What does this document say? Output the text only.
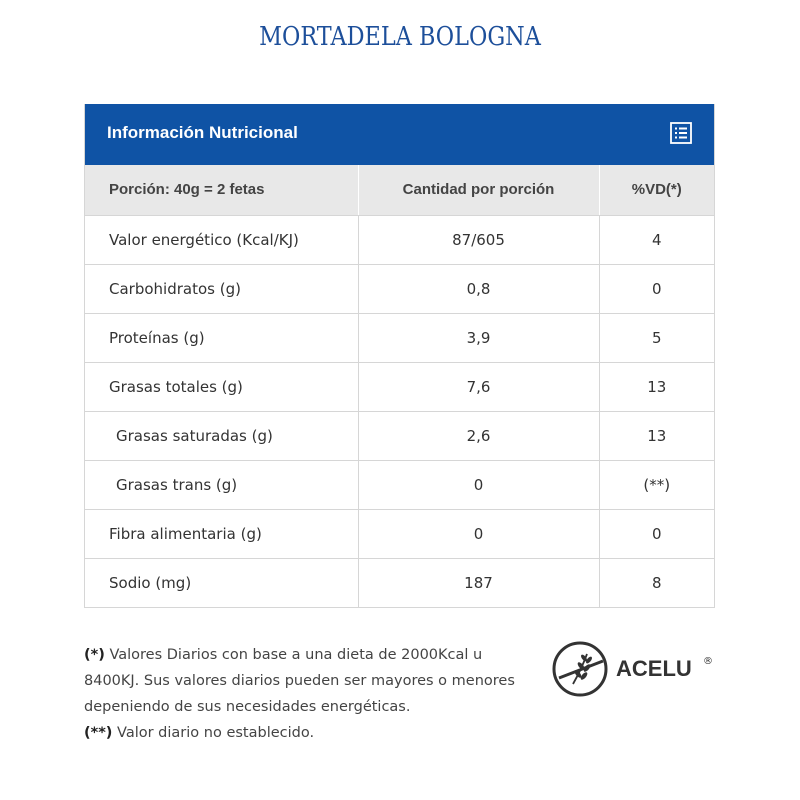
MORTADELA BOLOGNA
Información Nutricional
Porción: 40g = 2 fetas	Cantidad por porción	%VD(*)
Valor energético (Kcal/KJ)	87/605	4
Carbohidratos (g)	0,8	0
Proteínas (g)	3,9	5
Grasas totales (g)	7,6	13
Grasas saturadas (g)	2,6	13
Grasas trans (g)	0	(**)
Fibra alimentaria (g)	0	0
Sodio (mg)	187	8

(*) Valores Diarios con base a una dieta de 2000Kcal u 8400KJ. Sus valores diarios pueden ser mayores o menores depeniendo de sus necesidades energéticas.

(**) Valor diario no establecido.

ACELU ®
